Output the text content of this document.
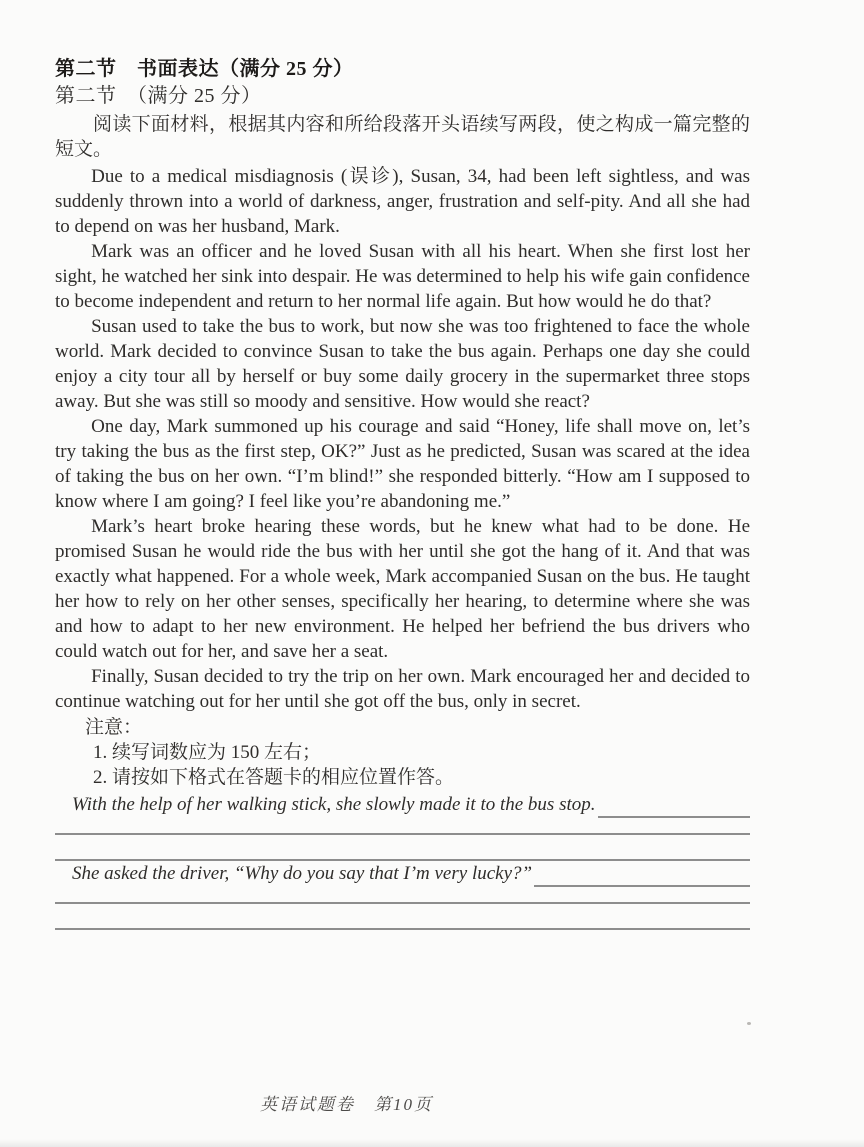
第二节　书面表达（满分 25 分）
第二节　（满分 25 分）

阅读下面材料，根据其内容和所给段落开头语续写两段，使之构成一篇完整的短文。

Due to a medical misdiagnosis (误诊), Susan, 34, had been left sightless, and was suddenly thrown into a world of darkness, anger, frustration and self-pity. And all she had to depend on was her husband, Mark.

Mark was an officer and he loved Susan with all his heart. When she first lost her sight, he watched her sink into despair. He was determined to help his wife gain confidence to become independent and return to her normal life again. But how would he do that?

Susan used to take the bus to work, but now she was too frightened to face the whole world. Mark decided to convince Susan to take the bus again. Perhaps one day she could enjoy a city tour all by herself or buy some daily grocery in the supermarket three stops away. But she was still so moody and sensitive. How would she react?

One day, Mark summoned up his courage and said “Honey, life shall move on, let’s try taking the bus as the first step, OK?” Just as he predicted, Susan was scared at the idea of taking the bus on her own. “I’m blind!” she responded bitterly. “How am I supposed to know where I am going? I feel like you’re abandoning me.”

Mark’s heart broke hearing these words, but he knew what had to be done. He promised Susan he would ride the bus with her until she got the hang of it. And that was exactly what happened. For a whole week, Mark accompanied Susan on the bus. He taught her how to rely on her other senses, specifically her hearing, to determine where she was and how to adapt to her new environment. He helped her befriend the bus drivers who could watch out for her, and save her a seat.

Finally, Susan decided to try the trip on her own. Mark encouraged her and decided to continue watching out for her until she got off the bus, only in secret.

注意：

1. 续写词数应为 150 左右；

2. 请按如下格式在答题卡的相应位置作答。

With the help of her walking stick, she slowly made it to the bus stop.

She asked the driver, “Why do you say that I’m very lucky?”

英语试题卷　第10页
